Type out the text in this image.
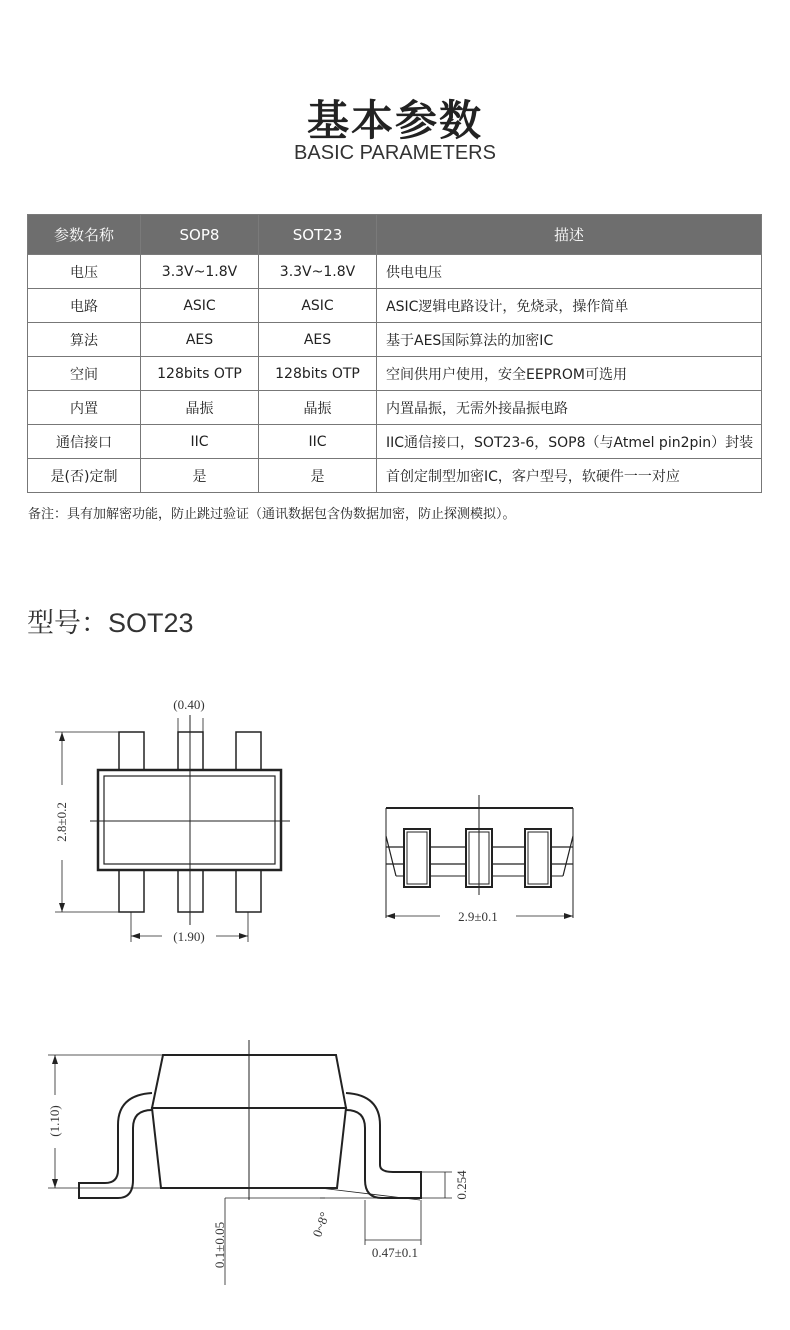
基本参数
BASIC PARAMETERS
参数名称	SOP8	SOT23	描述
电压	3.3V~1.8V	3.3V~1.8V	供电电压
电路	ASIC	ASIC	ASIC逻辑电路设计，免烧录，操作简单
算法	AES	AES	基于AES国际算法的加密IC
空间	128bits OTP	128bits OTP	空间供用户使用，安全EEPROM可选用
内置	晶振	晶振	内置晶振，无需外接晶振电路
通信接口	IIC	IIC	IIC通信接口，SOT23-6，SOP8（与Atmel pin2pin）封装
是(否)定制	是	是	首创定制型加密IC，客户型号，软硬件一一对应
备注：具有加解密功能，防止跳过验证（通讯数据包含伪数据加密，防止探测模拟）。
型号：SOT23
(0.40)
2.8±0.2
(1.90)
2.9±0.1
(1.10)
0.254
0.1±0.05	0~8°
0.47±0.1
